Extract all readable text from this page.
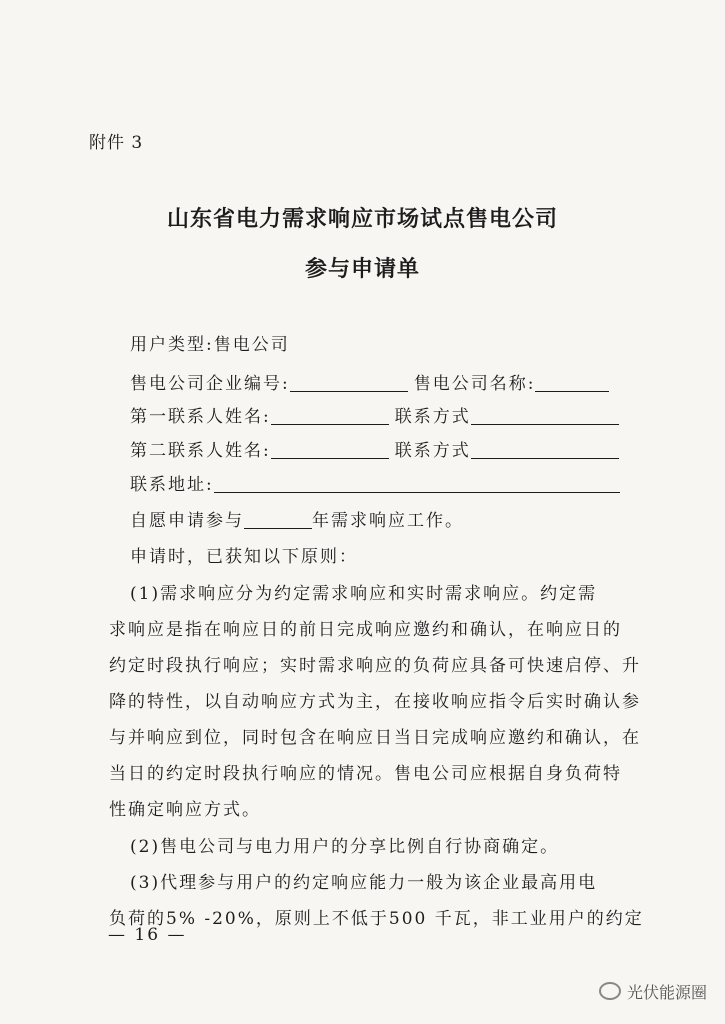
附件 3
山东省电力需求响应市场试点售电公司
参与申请单
用户类型:售电公司
售电公司企业编号:	售电公司名称:
第一联系人姓名:	联系方式
第二联系人姓名:	联系方式
联系地址:
自愿申请参与	年需求响应工作。
申请时，已获知以下原则：
(1)需求响应分为约定需求响应和实时需求响应。约定需
求响应是指在响应日的前日完成响应邀约和确认，在响应日的
约定时段执行响应；实时需求响应的负荷应具备可快速启停、升
降的特性，以自动响应方式为主，在接收响应指令后实时确认参
与并响应到位，同时包含在响应日当日完成响应邀约和确认，在
当日的约定时段执行响应的情况。售电公司应根据自身负荷特
性确定响应方式。
(2)售电公司与电力用户的分享比例自行协商确定。
(3)代理参与用户的约定响应能力一般为该企业最高用电
负荷的5% -20%，原则上不低于500 千瓦，非工业用户的约定
— 16 —
光伏能源圈
